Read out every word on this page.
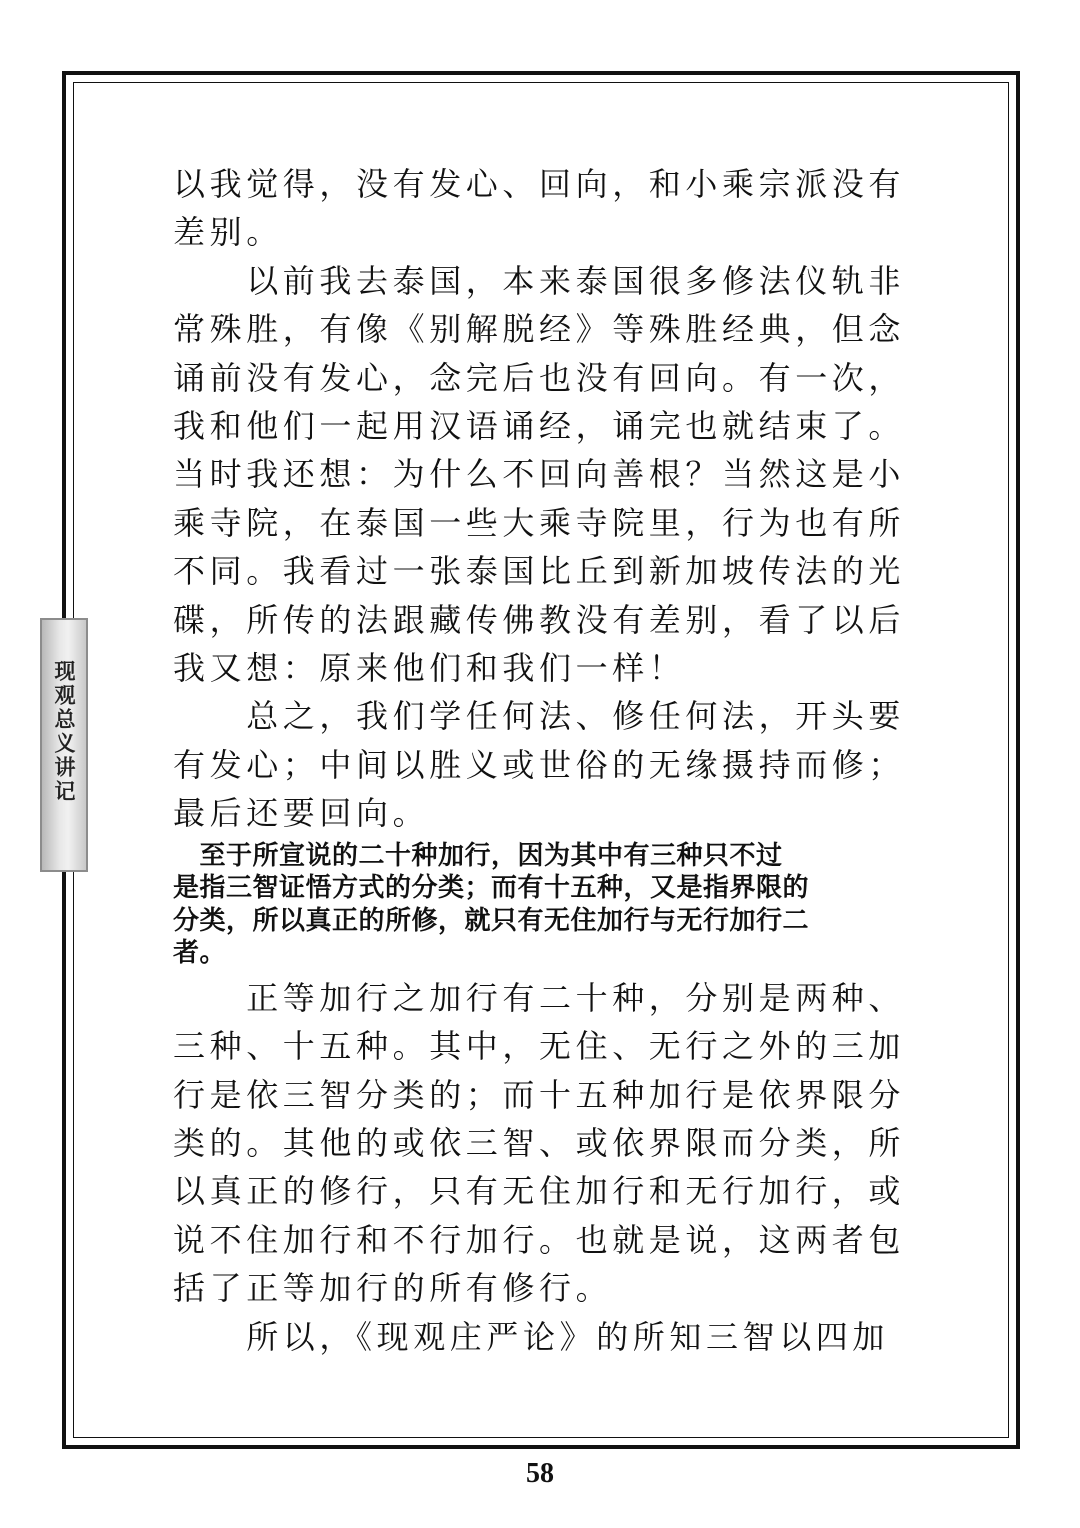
现观总义讲记

以我觉得，没有发心、回向，和小乘宗派没有
差别。

　　以前我去泰国，本来泰国很多修法仪轨非
常殊胜，有像《别解脱经》等殊胜经典，但念
诵前没有发心，念完后也没有回向。有一次，
我和他们一起用汉语诵经，诵完也就结束了。
当时我还想：为什么不回向善根？当然这是小
乘寺院，在泰国一些大乘寺院里，行为也有所
不同。我看过一张泰国比丘到新加坡传法的光
碟，所传的法跟藏传佛教没有差别，看了以后
我又想：原来他们和我们一样！

　　总之，我们学任何法、修任何法，开头要
有发心；中间以胜义或世俗的无缘摄持而修；
最后还要回向。

　至于所宣说的二十种加行，因为其中有三种只不过
是指三智证悟方式的分类；而有十五种，又是指界限的
分类，所以真正的所修，就只有无住加行与无行加行二
者。

　　正等加行之加行有二十种，分别是两种、
三种、十五种。其中，无住、无行之外的三加
行是依三智分类的；而十五种加行是依界限分
类的。其他的或依三智、或依界限而分类，所
以真正的修行，只有无住加行和无行加行，或
说不住加行和不行加行。也就是说，这两者包
括了正等加行的所有修行。

　　所以，《现观庄严论》的所知三智以四加

58
